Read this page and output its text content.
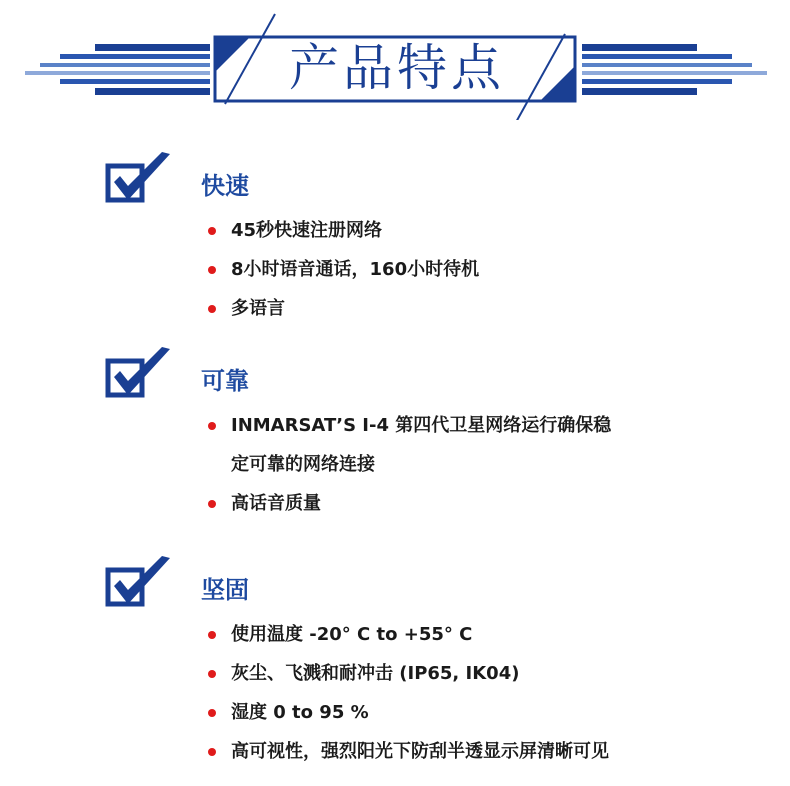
产品特点
快速
45秒快速注册网络
8小时语音通话，160小时待机
多语言
可靠
INMARSAT’S I-4 第四代卫星网络运行确保稳
定可靠的网络连接
高话音质量
坚固
使用温度 -20° C to +55° C
灰尘、飞溅和耐冲击 (IP65, IK04)
湿度 0 to 95 %
高可视性，强烈阳光下防刮半透显示屏清晰可见
